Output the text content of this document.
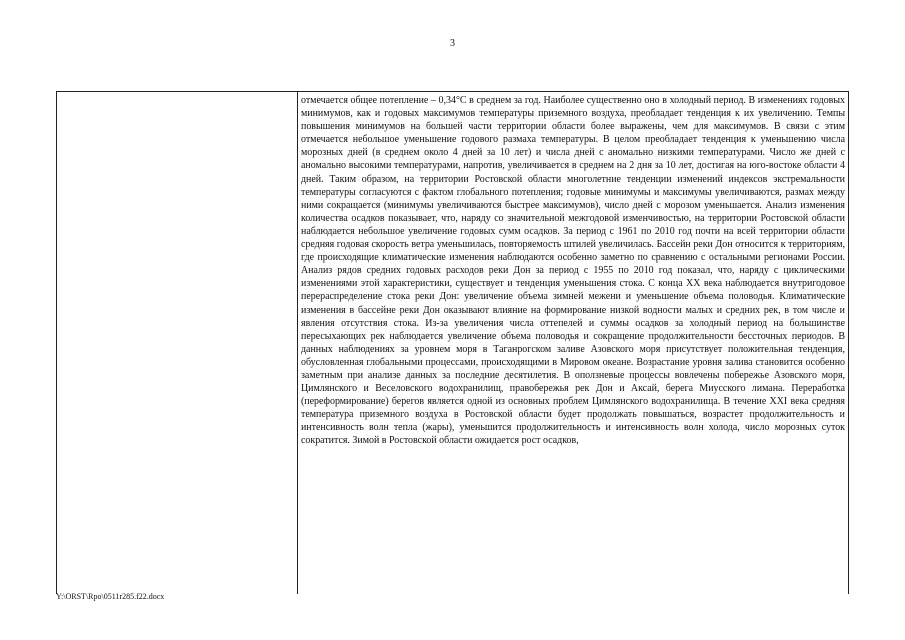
3

отмечается общее потепление – 0,34°С в среднем за год. Наиболее существенно оно в холодный период. В изменениях годовых минимумов, как и годовых максимумов температуры приземного воздуха, преобладает тенденция к их увеличению. Темпы повышения минимумов на большей части территории области более выражены, чем для максимумов. В связи с этим отмечается небольшое уменьшение годового размаха температуры. В целом преобладает тенденция к уменьшению числа морозных дней (в среднем около 4 дней за 10 лет) и числа дней с аномально низкими температурами. Число же дней с аномально высокими температурами, напротив, увеличивается в среднем на 2 дня за 10 лет, достигая на юго-востоке области 4 дней. Таким образом, на территории Ростовской области многолетние тенденции изменений индексов экстремальности температуры согласуются с фактом глобального потепления; годовые минимумы и максимумы увеличиваются, размах между ними сокращается (минимумы увеличиваются быстрее максимумов), число дней с морозом уменьшается. Анализ изменения количества осадков показывает, что, наряду со значительной межгодовой изменчивостью, на территории Ростовской области наблюдается небольшое увеличение годовых сумм осадков. За период с 1961 по 2010 год почти на всей территории области средняя годовая скорость ветра уменьшилась, повторяемость штилей увеличилась. Бассейн реки Дон относится к территориям, где происходящие климатические изменения наблюдаются особенно заметно по сравнению с остальными регионами России. Анализ рядов средних годовых расходов реки Дон за период с 1955 по 2010 год показал, что, наряду с циклическими изменениями этой характеристики, существует и тенденция уменьшения стока. С конца XX века наблюдается внутригодовое перераспределение стока реки Дон: увеличение объема зимней межени и уменьшение объема половодья. Климатические изменения в бассейне реки Дон оказывают влияние на формирование низкой водности малых и средних рек, в том числе и явления отсутствия стока. Из-за увеличения числа оттепелей и суммы осадков за холодный период на большинстве пересыхающих рек наблюдается увеличение объема половодья и сокращение продолжительности бессточных периодов. В данных наблюдениях за уровнем моря в Таганрогском заливе Азовского моря присутствует положительная тенденция, обусловленная глобальными процессами, происходящими в Мировом океане. Возрастание уровня залива становится особенно заметным при анализе данных за последние десятилетия. В оползневые процессы вовлечены побережье Азовского моря, Цимлянского и Веселовского водохранилищ, правобережья рек Дон и Аксай, берега Миусского лимана. Переработка (переформирование) берегов является одной из основных проблем Цимлянского водохранилища. В течение XXI века средняя температура приземного воздуха в Ростовской области будет продолжать повышаться, возрастет продолжительность и интенсивность волн тепла (жары), уменьшится продолжительность и интенсивность волн холода, число морозных суток сократится. Зимой в Ростовской области ожидается рост осадков,

Y:\ORST\Rpo\0511r285.f22.docx
